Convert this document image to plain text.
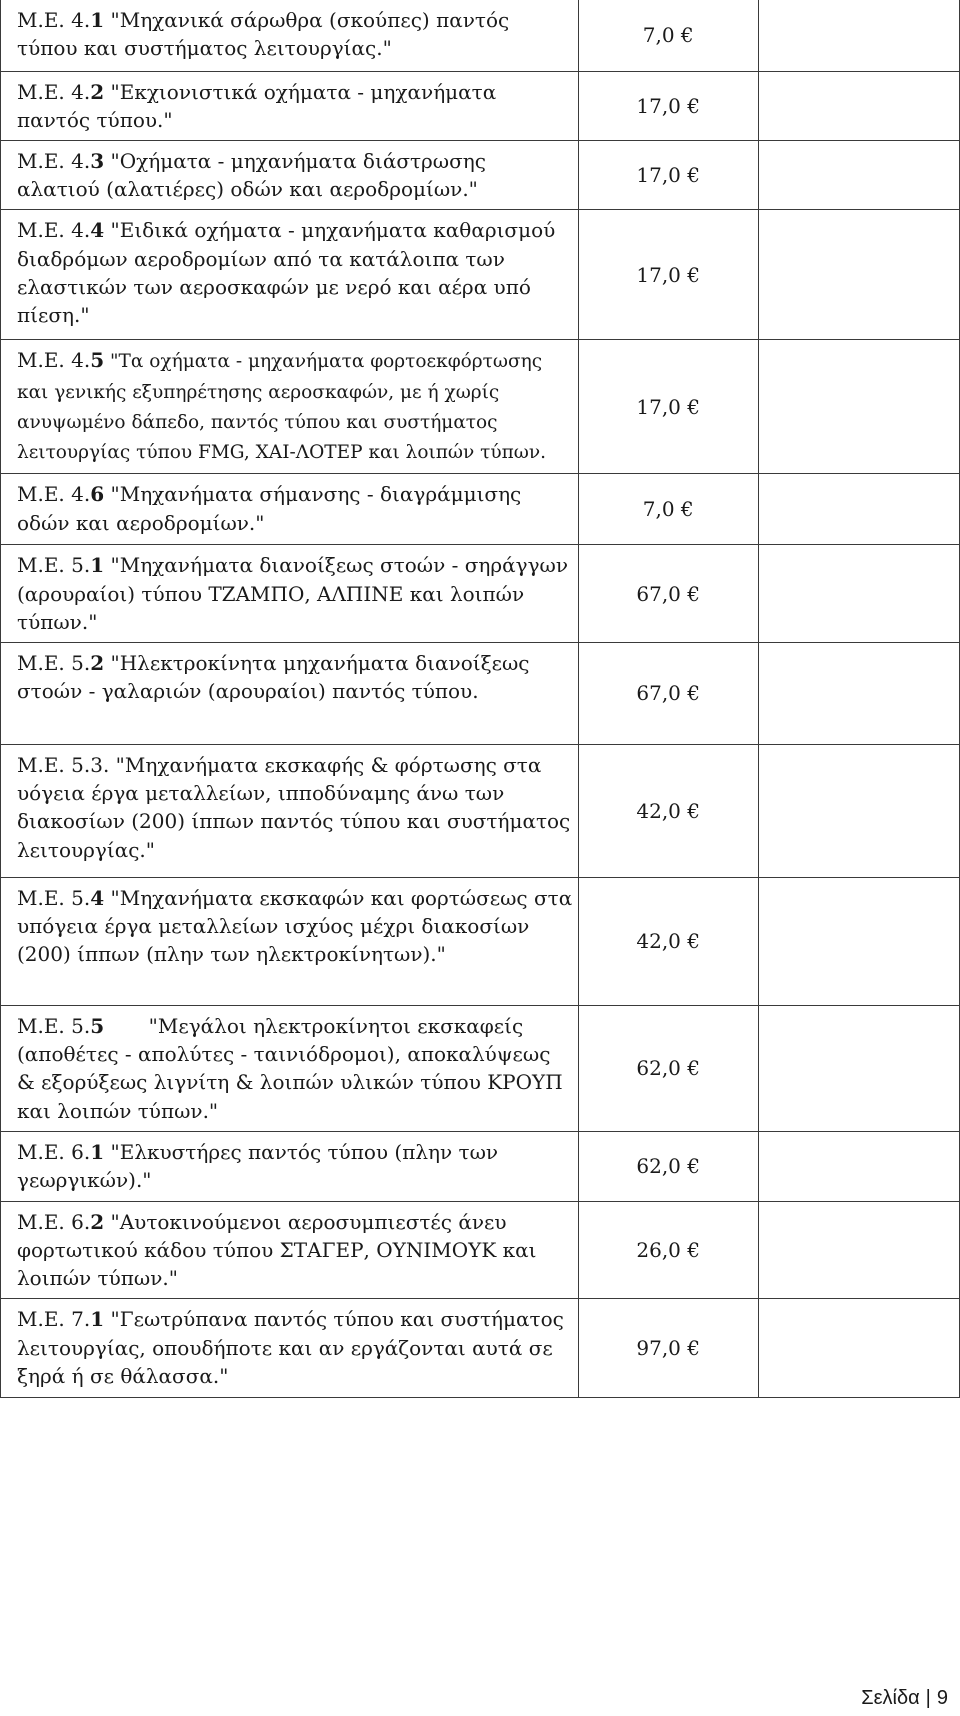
Μ.Ε. 4.1 "Μηχανικά σάρωθρα (σκούπες) παντός τύπου και συστήματος λειτουργίας."	7,0 €	

Μ.Ε. 4.2 "Εκχιονιστικά οχήματα - μηχανήματα παντός τύπου."	17,0 €	

Μ.Ε. 4.3 "Οχήματα - μηχανήματα διάστρωσης αλατιού (αλατιέρες) οδών και αεροδρομίων."	17,0 €	

Μ.Ε. 4.4 "Ειδικά οχήματα - μηχανήματα καθαρισμού διαδρόμων αεροδρομίων από τα κατάλοιπα των ελαστικών των αεροσκαφών με νερό και αέρα υπό πίεση."	17,0 €	

Μ.Ε. 4.5 "Τα οχήματα - μηχανήματα φορτοεκφόρτωσης και γενικής εξυπηρέτησης αεροσκαφών, με ή χωρίς ανυψωμένο δάπεδο, παντός τύπου και συστήματος λειτουργίας τύπου FMG, ΧΑΙ-ΛΟΤΕΡ και λοιπών τύπων.	17,0 €	

Μ.Ε. 4.6 "Μηχανήματα σήμανσης - διαγράμμισης οδών και αεροδρομίων."	7,0 €	

Μ.Ε. 5.1 "Μηχανήματα διανοίξεως στοών - σηράγγων (αρουραίοι) τύπου ΤΖΑΜΠΟ, ΑΛΠΙΝΕ και λοιπών τύπων."	67,0 €	

Μ.Ε. 5.2 "Ηλεκτροκίνητα μηχανήματα διανοίξεως στοών - γαλαριών (αρουραίοι) παντός τύπου.	67,0 €	

Μ.Ε. 5.3. "Μηχανήματα εκσκαφής & φόρτωσης στα υόγεια έργα μεταλλείων, ιπποδύναμης άνω των διακοσίων (200) ίππων παντός τύπου και συστήματος λειτουργίας."	42,0 €	

Μ.Ε. 5.4 "Μηχανήματα εκσκαφών και φορτώσεως στα υπόγεια έργα μεταλλείων ισχύος μέχρι διακοσίων (200) ίππων (πλην των ηλεκτροκίνητων)."	42,0 €	

Μ.Ε. 5.5       "Μεγάλοι ηλεκτροκίνητοι εκσκαφείς (αποθέτες - απολύτες - ταινιόδρομοι), αποκαλύψεως & εξορύξεως λιγνίτη & λοιπών υλικών τύπου ΚΡΟΥΠ και λοιπών τύπων."	62,0 €	

Μ.Ε. 6.1 "Ελκυστήρες παντός τύπου (πλην των γεωργικών)."	62,0 €	

Μ.Ε. 6.2 "Αυτοκινούμενοι αεροσυμπιεστές άνευ φορτωτικού κάδου τύπου ΣΤΑΓΕΡ, ΟΥΝΙΜΟΥΚ και λοιπών τύπων."	26,0 €	

Μ.Ε. 7.1 "Γεωτρύπανα παντός τύπου και συστήματος λειτουργίας, οπουδήποτε και αν εργάζονται αυτά σε ξηρά ή σε θάλασσα."	97,0 €	

Σελίδα | 9
